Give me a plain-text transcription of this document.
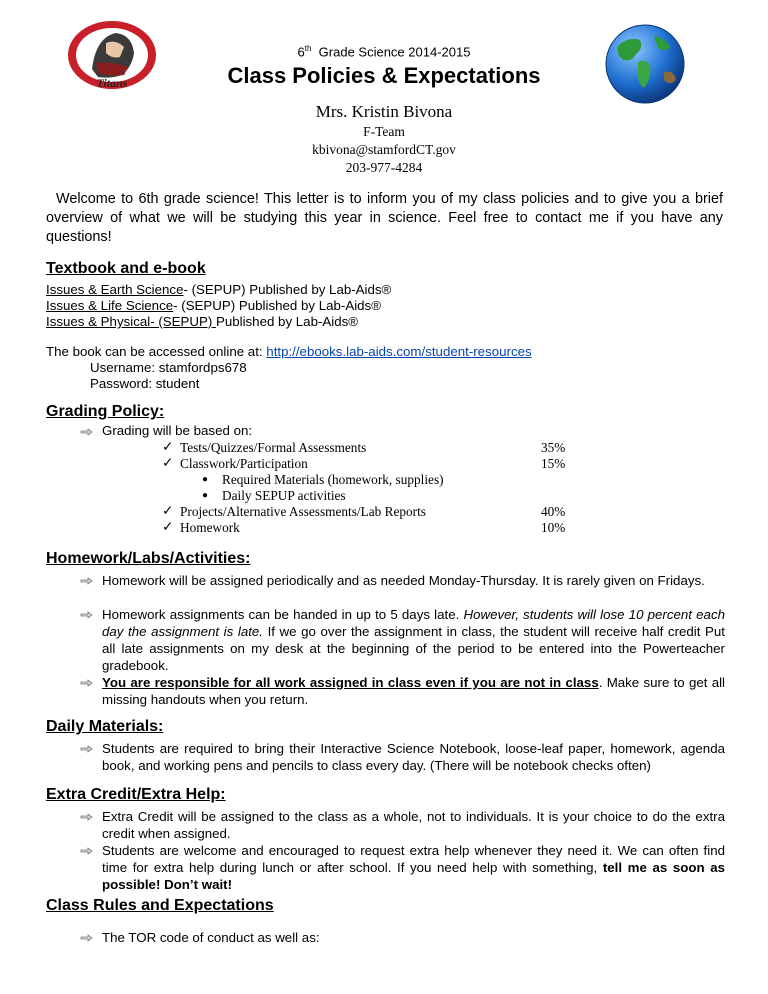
Titans
6th Grade Science 2014-2015
Class Policies & Expectations
Mrs. Kristin Bivona
F-Team
kbivona@stamfordCT.gov
203-977-4284
Welcome to 6th grade science! This letter is to inform you of my class policies and to give you a brief overview of what we will be studying this year in science. Feel free to contact me if you have any questions!
Textbook and e-book
Issues & Earth Science- (SEPUP) Published by Lab-Aids®
Issues & Life Science- (SEPUP) Published by Lab-Aids®
Issues & Physical- (SEPUP) Published by Lab-Aids®
The book can be accessed online at: http://ebooks.lab-aids.com/student-resources
Username: stamfordps678
Password: student
Grading Policy:
Grading will be based on:
✓ Tests/Quizzes/Formal Assessments	35%
✓ Classwork/Participation	15%
● Required Materials (homework, supplies)
● Daily SEPUP activities
✓ Projects/Alternative Assessments/Lab Reports	40%
✓ Homework	10%
Homework/Labs/Activities:
Homework will be assigned periodically and as needed Monday-Thursday. It is rarely given on Fridays.
Homework assignments can be handed in up to 5 days late. However, students will lose 10 percent each day the assignment is late. If we go over the assignment in class, the student will receive half credit Put all late assignments on my desk at the beginning of the period to be entered into the Powerteacher gradebook.
You are responsible for all work assigned in class even if you are not in class. Make sure to get all missing handouts when you return.
Daily Materials:
Students are required to bring their Interactive Science Notebook, loose-leaf paper, homework, agenda book, and working pens and pencils to class every day. (There will be notebook checks often)
Extra Credit/Extra Help:
Extra Credit will be assigned to the class as a whole, not to individuals. It is your choice to do the extra credit when assigned.
Students are welcome and encouraged to request extra help whenever they need it. We can often find time for extra help during lunch or after school. If you need help with something, tell me as soon as possible! Don’t wait!
Class Rules and Expectations
The TOR code of conduct as well as:
